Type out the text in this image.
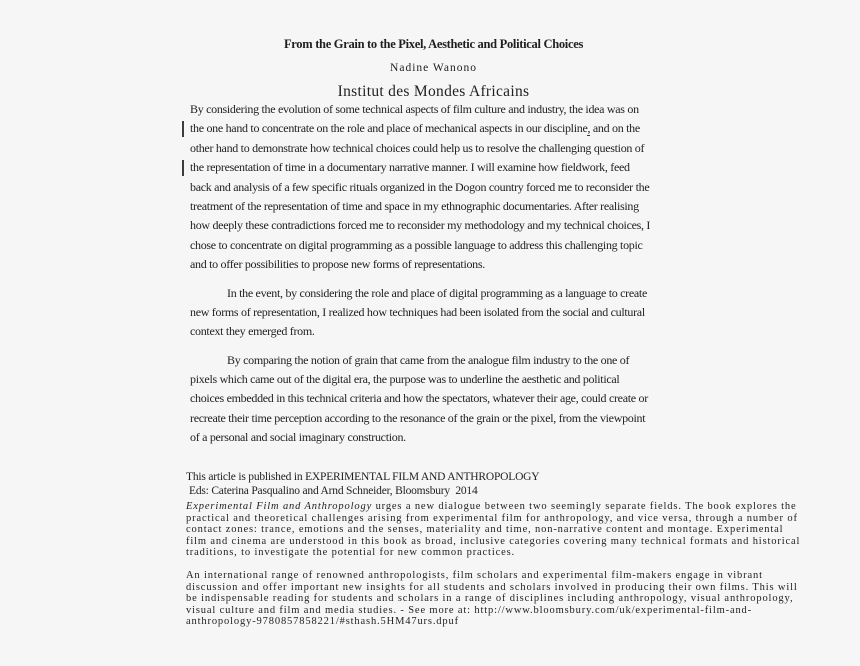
From the Grain to the Pixel, Aesthetic and Political Choices
Nadine Wanono
Institut des Mondes Africains
By considering the evolution of some technical aspects of film culture and industry, the idea was on
the one hand to concentrate on the role and place of mechanical aspects in our discipline, and on the
other hand to demonstrate how technical choices could help us to resolve the challenging question of
the representation of time in a documentary narrative manner. I will examine how fieldwork, feed
back and analysis of a few specific rituals organized in the Dogon country forced me to reconsider the
treatment of the representation of time and space in my ethnographic documentaries. After realising
how deeply these contradictions forced me to reconsider my methodology and my technical choices, I
chose to concentrate on digital programming as a possible language to address this challenging topic
and to offer possibilities to propose new forms of representations.
In the event, by considering the role and place of digital programming as a language to create
new forms of representation, I realized how techniques had been isolated from the social and cultural
context they emerged from.
By comparing the notion of grain that came from the analogue film industry to the one of
pixels which came out of the digital era, the purpose was to underline the aesthetic and political
choices embedded in this technical criteria and how the spectators, whatever their age, could create or
recreate their time perception according to the resonance of the grain or the pixel, from the viewpoint
of a personal and social imaginary construction.
This article is published in EXPERIMENTAL FILM AND ANTHROPOLOGY
Eds: Caterina Pasqualino and Arnd Schneider, Bloomsbury  2014
Experimental Film and Anthropology urges a new dialogue between two seemingly separate fields. The book explores the
practical and theoretical challenges arising from experimental film for anthropology, and vice versa, through a number of
contact zones: trance, emotions and the senses, materiality and time, non-narrative content and montage. Experimental
film and cinema are understood in this book as broad, inclusive categories covering many technical formats and historical
traditions, to investigate the potential for new common practices.
An international range of renowned anthropologists, film scholars and experimental film-makers engage in vibrant
discussion and offer important new insights for all students and scholars involved in producing their own films. This will
be indispensable reading for students and scholars in a range of disciplines including anthropology, visual anthropology,
visual culture and film and media studies. - See more at: http://www.bloomsbury.com/uk/experimental-film-and-
anthropology-9780857858221/#sthash.5HM47urs.dpuf
